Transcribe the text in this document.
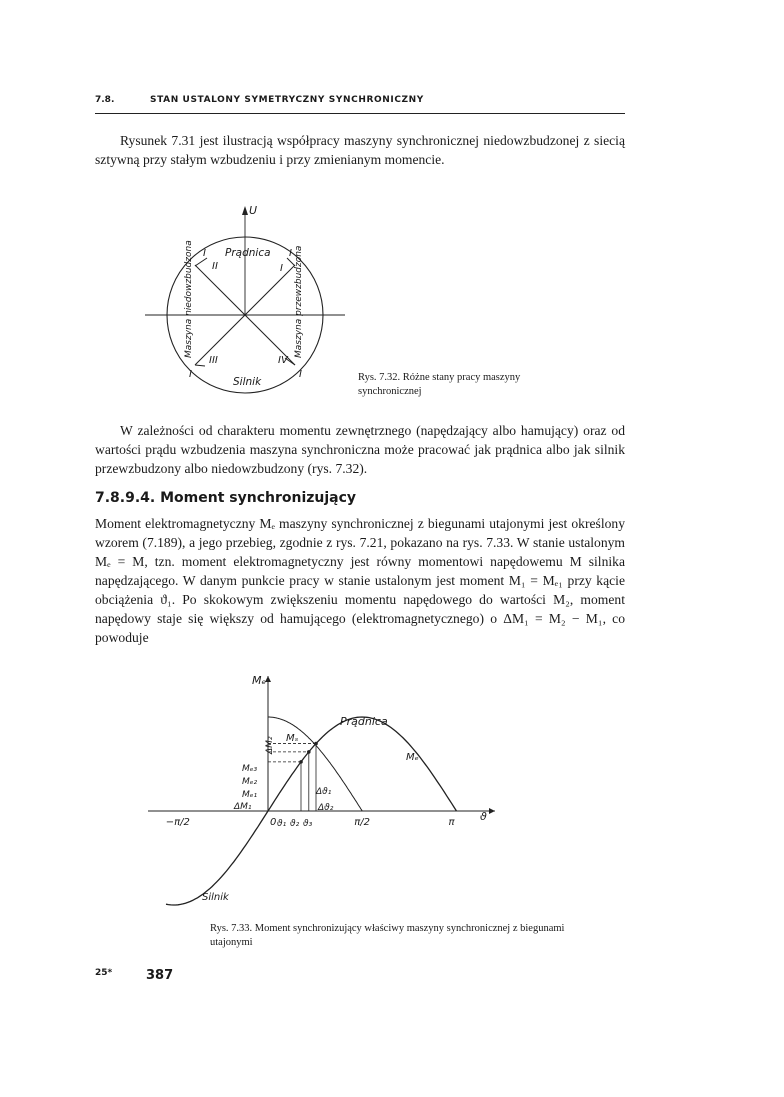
7.8.	STAN USTALONY SYMETRYCZNY SYNCHRONICZNY

Rysunek 7.31 jest ilustracją współpracy maszyny synchronicznej niedowzbudzonej z siecią sztywną przy stałym wzbudzeniu i przy zmienianym momencie.

U
Prądnica
Silnik
Maszyna niedowzbudzona	Maszyna przewzbudzona
II	I
III	IV
I	I
I	I	Rys. 7.32. Różne stany pracy maszyny synchronicznej

W zależności od charakteru momentu zewnętrznego (napędzający albo hamujący) oraz od wartości prądu wzbudzenia maszyna synchroniczna może pracować jak prądnica albo jak silnik przewzbudzony albo niedowzbudzony (rys. 7.32).

7.8.9.4. Moment synchronizujący

Moment elektromagnetyczny Mₑ maszyny synchronicznej z biegunami utajonymi jest określony wzorem (7.189), a jego przebieg, zgodnie z rys. 7.21, pokazano na rys. 7.33. W stanie ustalonym Mₑ = M, tzn. moment elektromagnetyczny jest równy momentowi napędowemu M silnika napędzającego. W danym punkcie pracy w stanie ustalonym jest moment M₁ = Mₑ₁ przy kącie obciążenia ϑ₁. Po skokowym zwiększeniu momentu napędowego do wartości M₂, moment napędowy staje się większy od hamującego (elektromagnetycznego) o ΔM₁ = M₂ − M₁, co powoduje

−π/2	0	π/2	π
Mₑ
ϑ
Prądnica
Silnik
Mₑ
Mₛ
Mₑ₃
Mₑ₂
Mₑ₁
ΔM₁
ΔM₂
Δϑ₁
Δϑ₂
ϑ₁ ϑ₂ ϑ₃
Rys. 7.33. Moment synchronizujący właściwy maszyny synchronicznej z biegunami utajonymi
25*	387
